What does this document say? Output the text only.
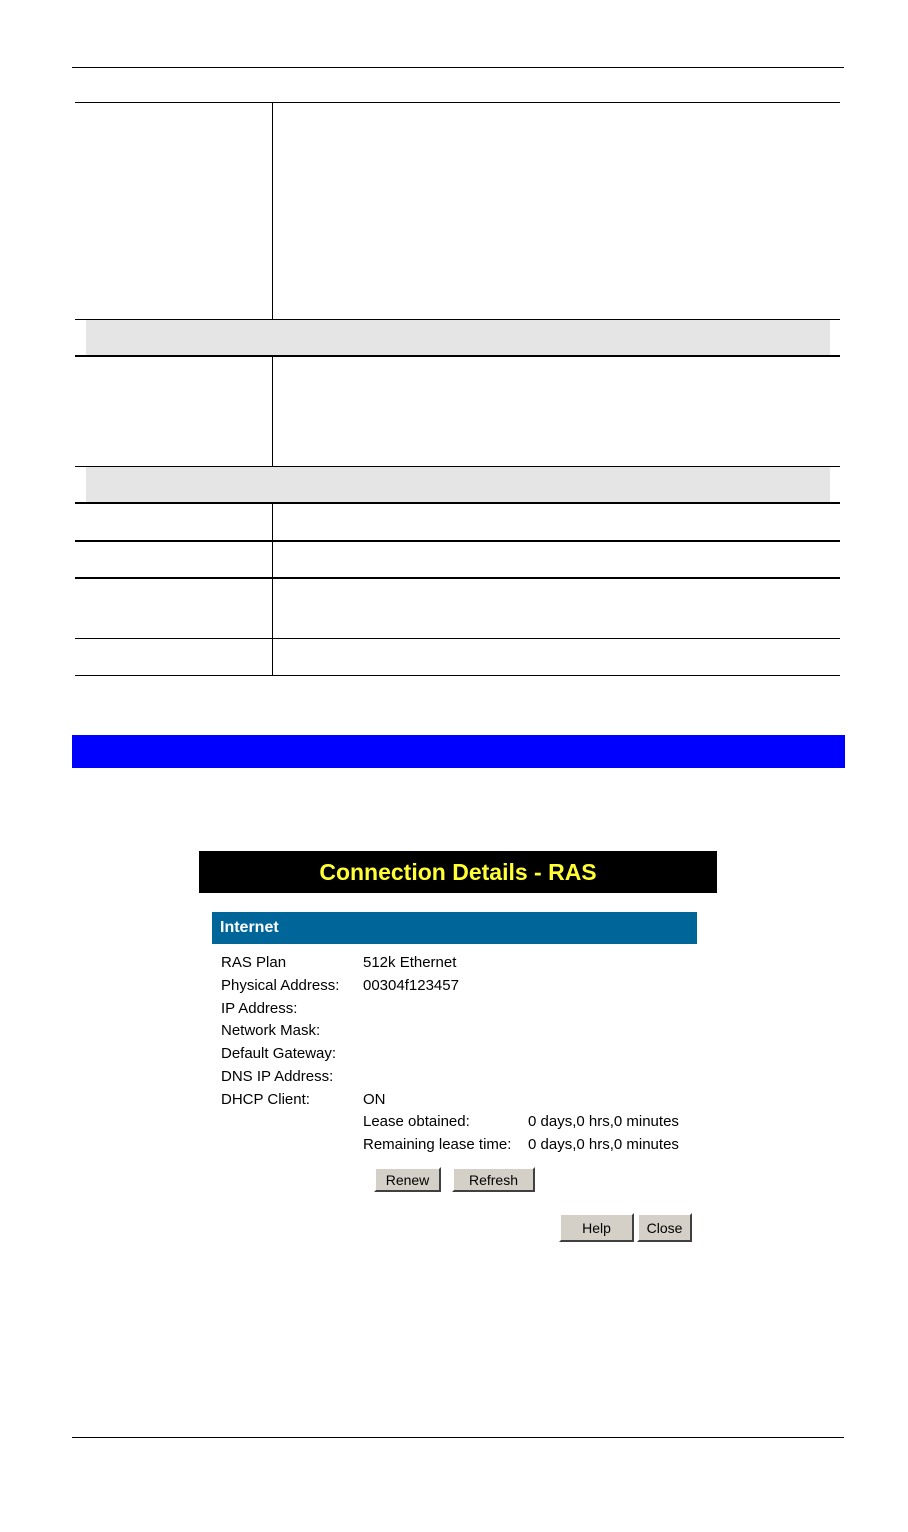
Connection Details - RAS
Internet
RAS Plan	512k Ethernet
Physical Address: 00304f123457
IP Address:
Network Mask:
Default Gateway:
DNS IP Address:
DHCP Client:	ON
Lease obtained:	0 days,0 hrs,0 minutes
Remaining lease time: 0 days,0 hrs,0 minutes
Renew	Refresh
Help	Close
